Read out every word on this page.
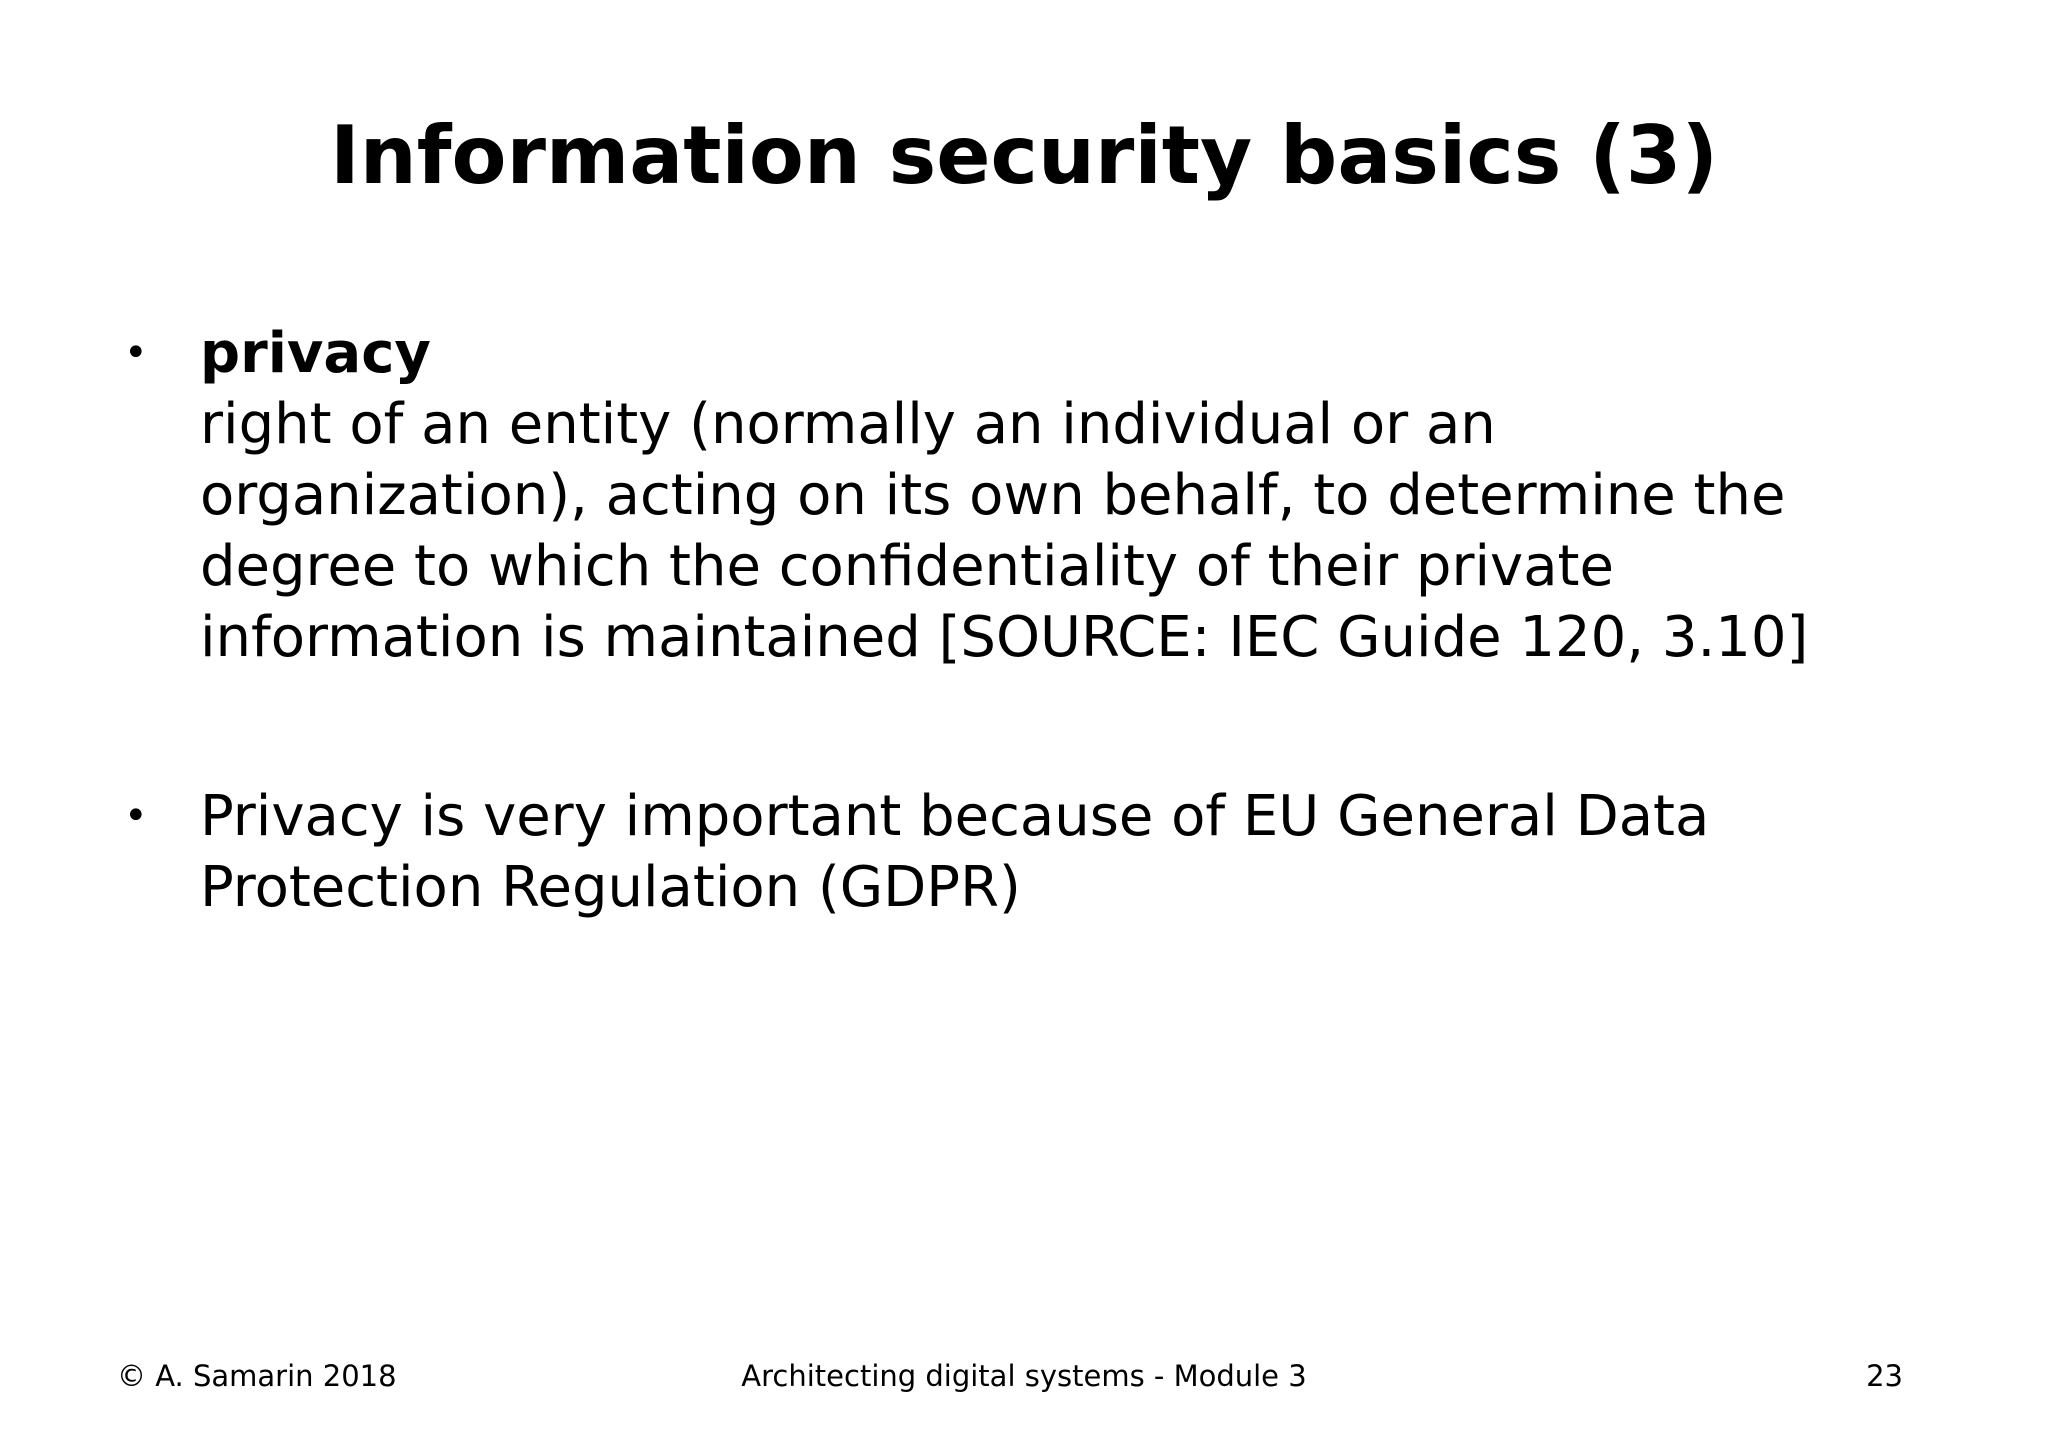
Information security basics (3)
• privacy
right of an entity (normally an individual or an
organization), acting on its own behalf, to determine the
degree to which the confidentiality of their private
information is maintained [SOURCE: IEC Guide 120, 3.10]
• Privacy is very important because of EU General Data
Protection Regulation (GDPR)
© A. Samarin 2018	Architecting digital systems - Module 3	23
